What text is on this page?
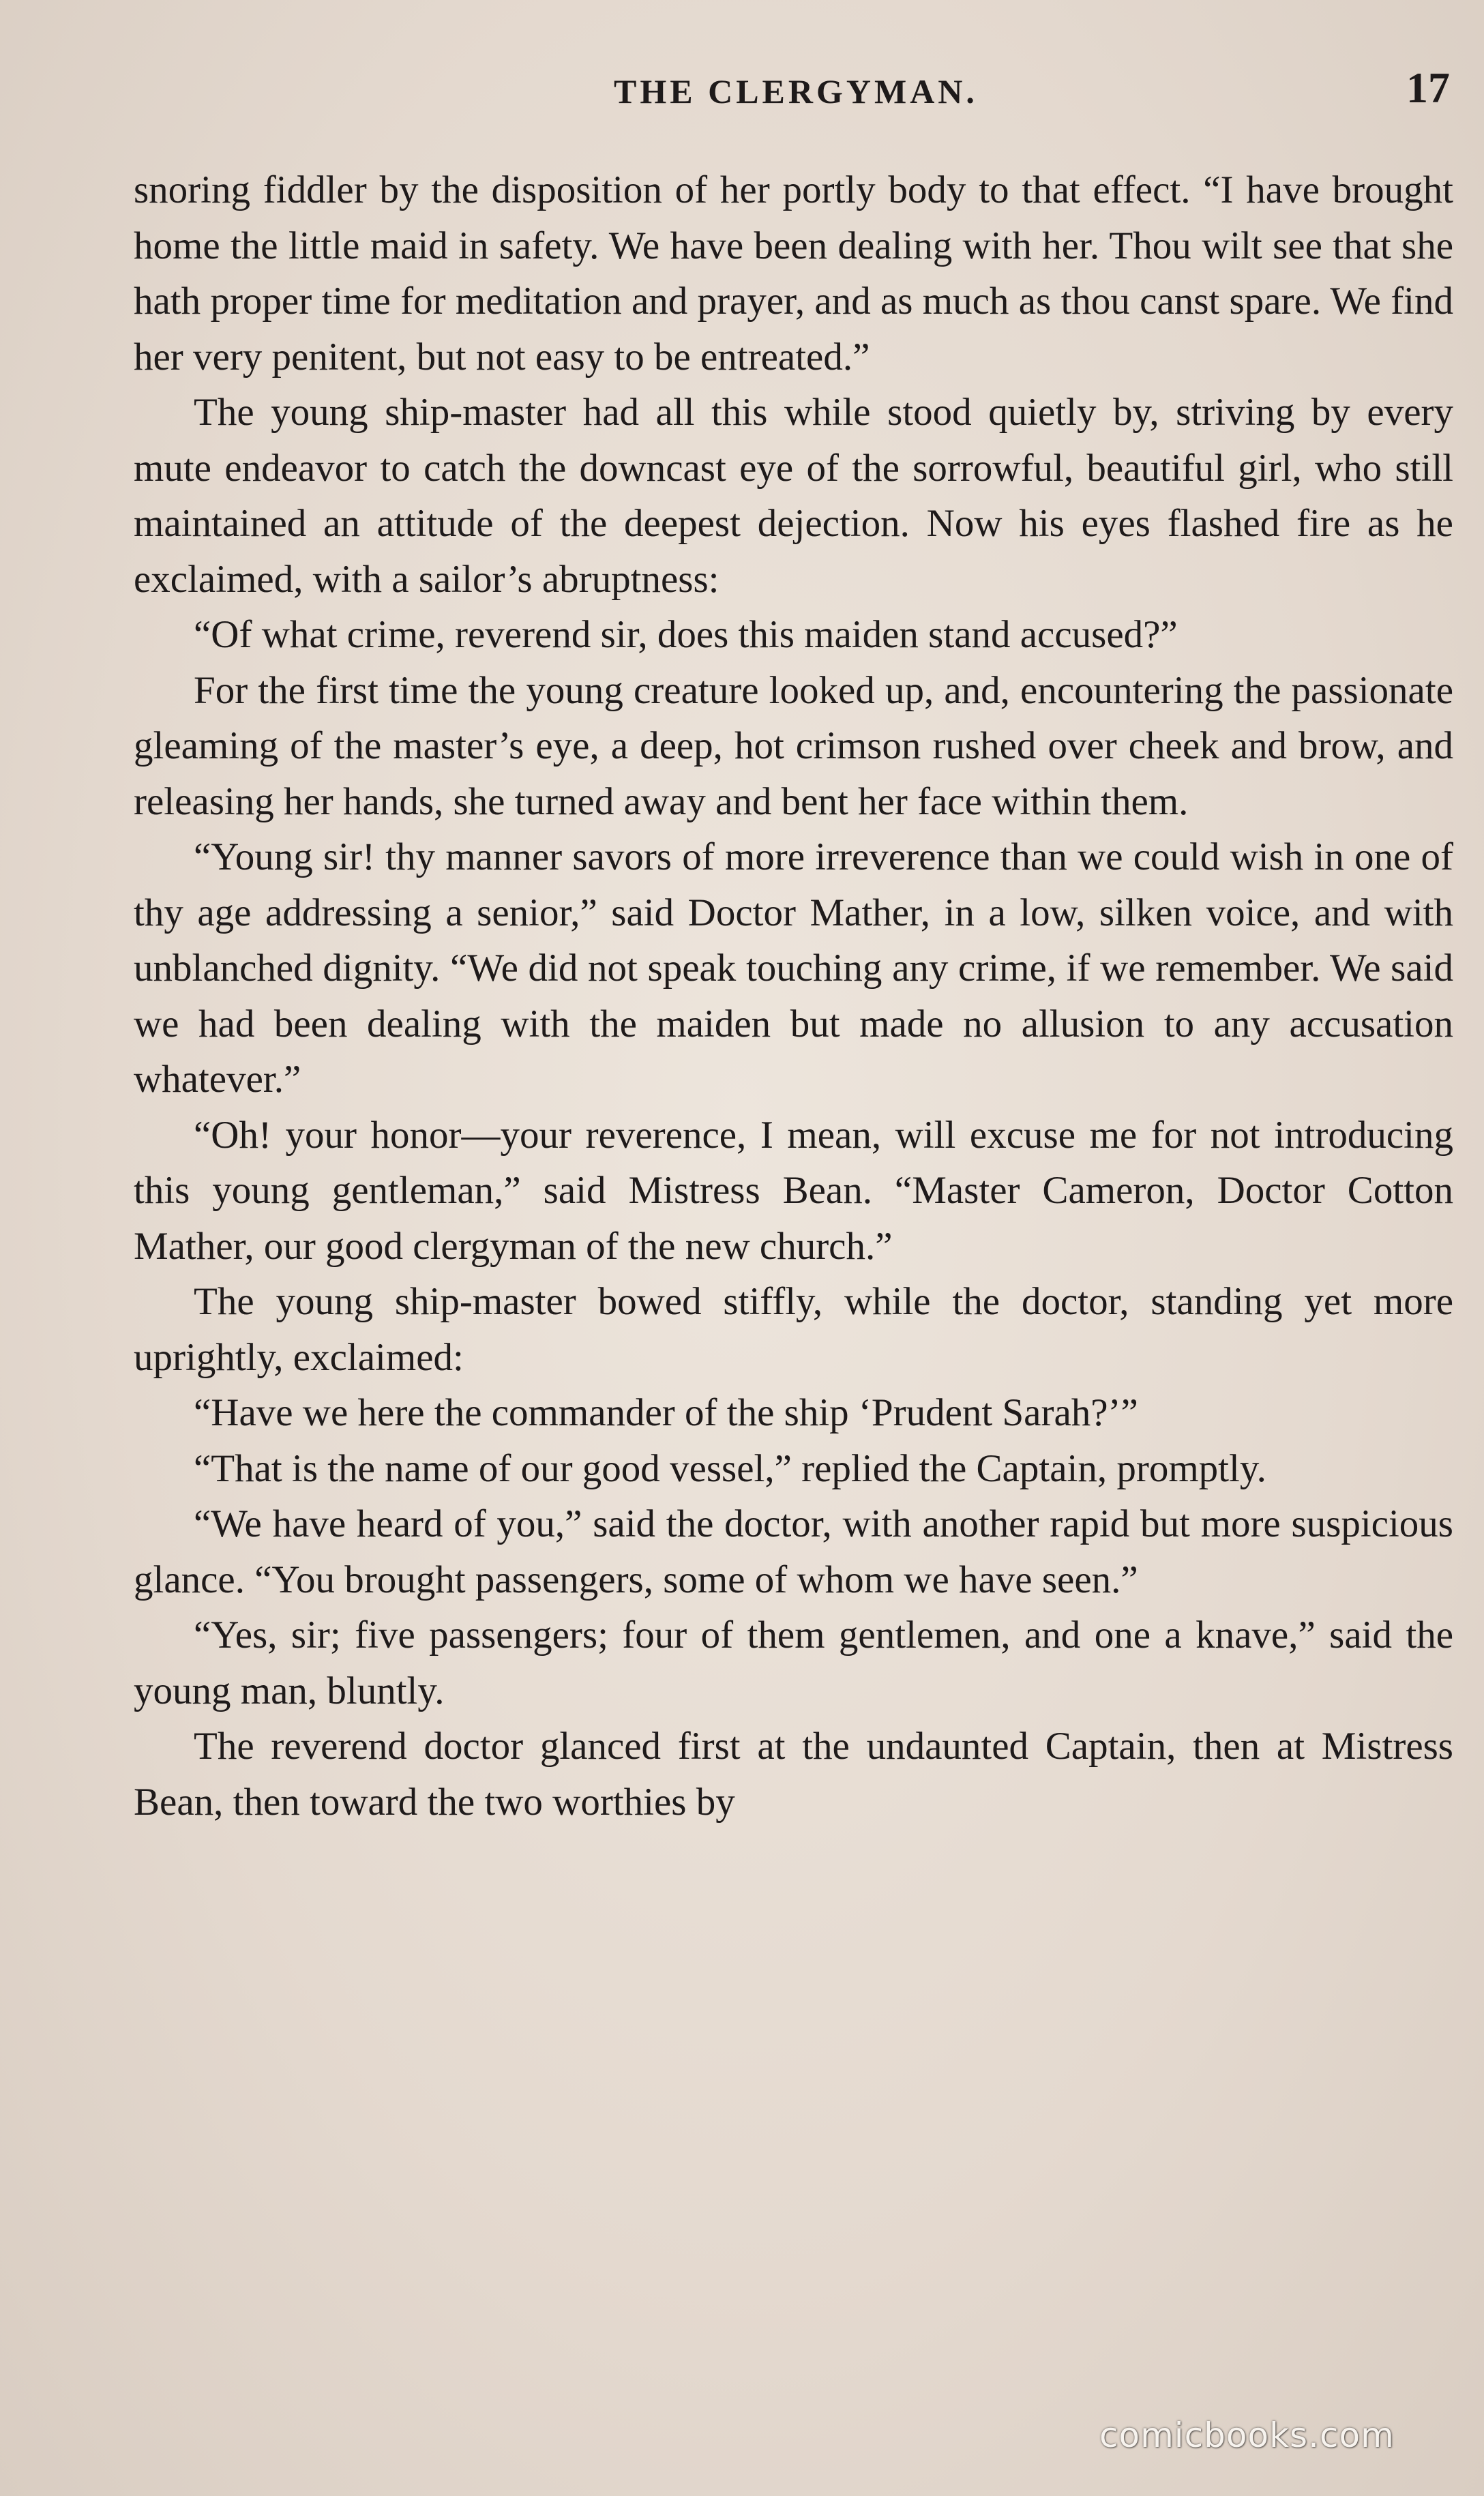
THE CLERGYMAN.	17

snoring fiddler by the disposition of her portly body to that effect. “I have brought home the little maid in safety. We have been dealing with her. Thou wilt see that she hath proper time for meditation and prayer, and as much as thou canst spare. We find her very penitent, but not easy to be entreated.”

The young ship-master had all this while stood quietly by, striving by every mute endeavor to catch the downcast eye of the sorrowful, beautiful girl, who still maintained an attitude of the deepest dejection. Now his eyes flashed fire as he exclaimed, with a sailor’s abruptness:

“Of what crime, reverend sir, does this maiden stand accused?”

For the first time the young creature looked up, and, encountering the passionate gleaming of the master’s eye, a deep, hot crimson rushed over cheek and brow, and releasing her hands, she turned away and bent her face within them.

“Young sir! thy manner savors of more irreverence than we could wish in one of thy age addressing a senior,” said Doctor Mather, in a low, silken voice, and with unblanched dignity. “We did not speak touching any crime, if we remember. We said we had been dealing with the maiden but made no allusion to any accusation whatever.”

“Oh! your honor—your reverence, I mean, will excuse me for not introducing this young gentleman,” said Mistress Bean. “Master Cameron, Doctor Cotton Mather, our good clergyman of the new church.”

The young ship-master bowed stiffly, while the doctor, standing yet more uprightly, exclaimed:

“Have we here the commander of the ship ‘Prudent Sarah?’”

“That is the name of our good vessel,” replied the Captain, promptly.

“We have heard of you,” said the doctor, with another rapid but more suspicious glance. “You brought passengers, some of whom we have seen.”

“Yes, sir; five passengers; four of them gentlemen, and one a knave,” said the young man, bluntly.

The reverend doctor glanced first at the undaunted Captain, then at Mistress Bean, then toward the two worthies by

comicbooks.com
